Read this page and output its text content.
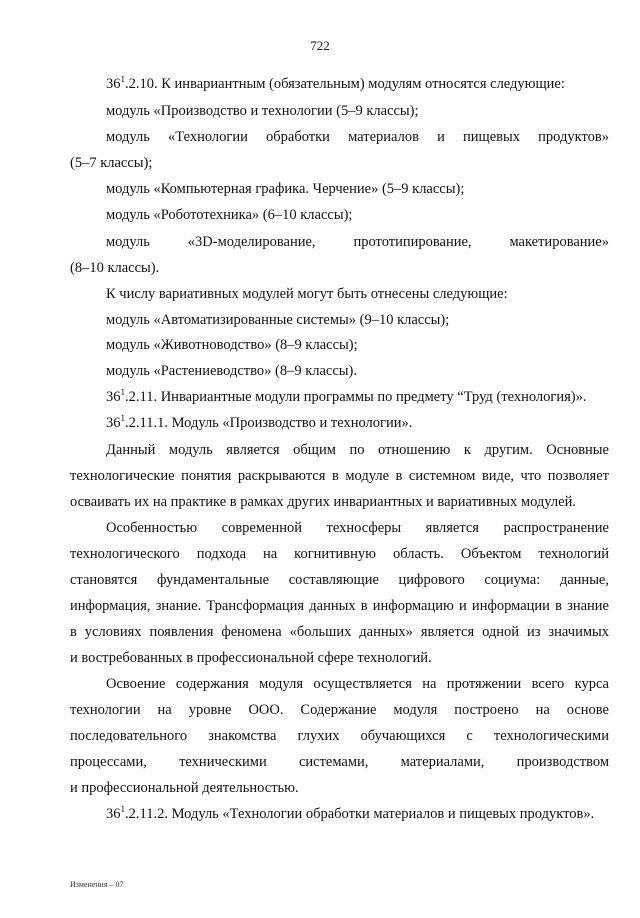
722
$36^1.2.10$. К инвариантным (обязательным) модулям относятся следующие:
модуль «Производство и технологии (5–9 классы);
модуль «Технологии обработки материалов и пищевых продуктов»
(5–7 классы);
модуль «Компьютерная графика. Черчение» (5–9 классы);
модуль «Робототехника» (6–10 классы);
модуль «3D-моделирование, прототипирование, макетирование»
(8–10 классы).
К числу вариативных модулей могут быть отнесены следующие:
модуль «Автоматизированные системы» (9–10 классы);
модуль «Животноводство» (8–9 классы);
модуль «Растениеводство» (8–9 классы).
$36^1.2.11$. Инвариантные модули программы по предмету “Труд (технология)».
$36^1.2.11.1$. Модуль «Производство и технологии».
Данный модуль является общим по отношению к другим. Основные
технологические понятия раскрываются в модуле в системном виде, что позволяет
осваивать их на практике в рамках других инвариантных и вариативных модулей.
Особенностью современной техносферы является распространение
технологического подхода на когнитивную область. Объектом технологий
становятся фундаментальные составляющие цифрового социума: данные,
информация, знание. Трансформация данных в информацию и информации в знание
в условиях появления феномена «больших данных» является одной из значимых
и востребованных в профессиональной сфере технологий.
Освоение содержания модуля осуществляется на протяжении всего курса
технологии на уровне ООО. Содержание модуля построено на основе
последовательного знакомства глухих обучающихся с технологическими
процессами, техническими системами, материалами, производством
и профессиональной деятельностью.
$36^1.2.11.2$. Модуль «Технологии обработки материалов и пищевых продуктов».
Изменения – 07
